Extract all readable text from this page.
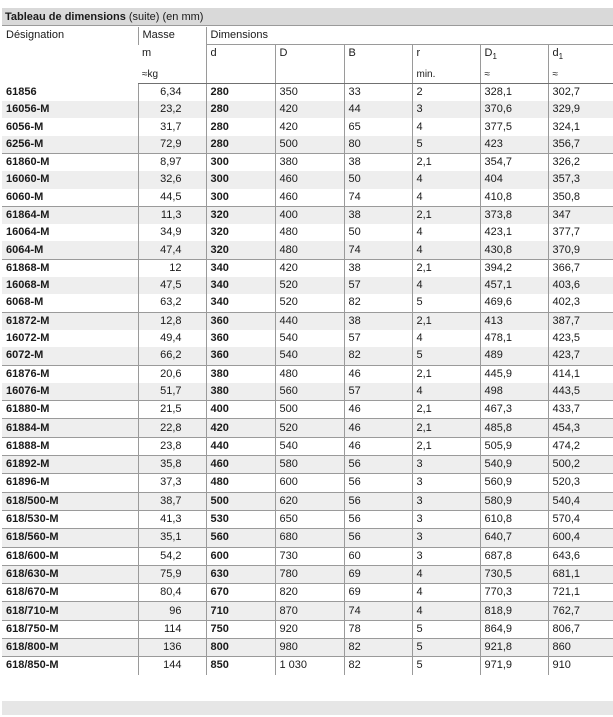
Tableau de dimensions (suite) (en mm)
Désignation	Masse	Dimensions					
	m	d	D	B	r	$D_1$	$d_1$
	≈kg				min.	≈	≈
61856	6,34	280	350	33	2	328,1	302,7
16056-M	23,2	280	420	44	3	370,6	329,9
6056-M	31,7	280	420	65	4	377,5	324,1
6256-M	72,9	280	500	80	5	423	356,7
61860-M	8,97	300	380	38	2,1	354,7	326,2
16060-M	32,6	300	460	50	4	404	357,3
6060-M	44,5	300	460	74	4	410,8	350,8
61864-M	11,3	320	400	38	2,1	373,8	347
16064-M	34,9	320	480	50	4	423,1	377,7
6064-M	47,4	320	480	74	4	430,8	370,9
61868-M	12	340	420	38	2,1	394,2	366,7
16068-M	47,5	340	520	57	4	457,1	403,6
6068-M	63,2	340	520	82	5	469,6	402,3
61872-M	12,8	360	440	38	2,1	413	387,7
16072-M	49,4	360	540	57	4	478,1	423,5
6072-M	66,2	360	540	82	5	489	423,7
61876-M	20,6	380	480	46	2,1	445,9	414,1
16076-M	51,7	380	560	57	4	498	443,5
61880-M	21,5	400	500	46	2,1	467,3	433,7
61884-M	22,8	420	520	46	2,1	485,8	454,3
61888-M	23,8	440	540	46	2,1	505,9	474,2
61892-M	35,8	460	580	56	3	540,9	500,2
61896-M	37,3	480	600	56	3	560,9	520,3
618/500-M	38,7	500	620	56	3	580,9	540,4
618/530-M	41,3	530	650	56	3	610,8	570,4
618/560-M	35,1	560	680	56	3	640,7	600,4
618/600-M	54,2	600	730	60	3	687,8	643,6
618/630-M	75,9	630	780	69	4	730,5	681,1
618/670-M	80,4	670	820	69	4	770,3	721,1
618/710-M	96	710	870	74	4	818,9	762,7
618/750-M	114	750	920	78	5	864,9	806,7
618/800-M	136	800	980	82	5	921,8	860
618/850-M	144	850	1 030	82	5	971,9	910
